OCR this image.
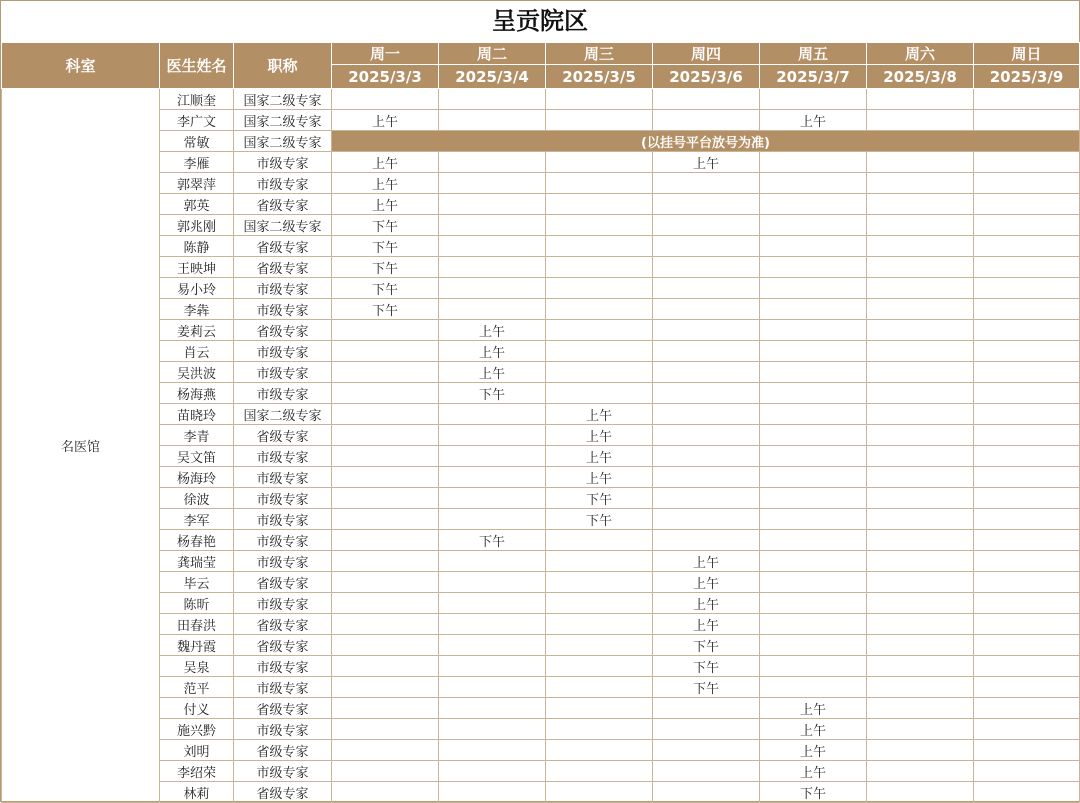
呈贡院区
科室	医生姓名	职称	周一	周二	周三	周四	周五	周六	周日
			2025/3/3	2025/3/4	2025/3/5	2025/3/6	2025/3/7	2025/3/8	2025/3/9
名医馆	江顺奎	国家二级专家							
	李广文	国家二级专家	上午				上午		
	常敏	国家二级专家	(以挂号平台放号为准)						
	李雁	市级专家	上午			上午			
	郭翠萍	市级专家	上午						
	郭英	省级专家	上午						
	郭兆刚	国家二级专家	下午						
	陈静	省级专家	下午						
	王映坤	省级专家	下午						
	易小玲	市级专家	下午						
	李犇	市级专家	下午						
	姜莉云	省级专家		上午					
	肖云	市级专家		上午					
	吴洪波	市级专家		上午					
	杨海燕	市级专家		下午					
	苗晓玲	国家二级专家			上午				
	李青	省级专家			上午				
	吴文笛	市级专家			上午				
	杨海玲	市级专家			上午				
	徐波	市级专家			下午				
	李军	市级专家			下午				
	杨春艳	市级专家		下午					
	龚瑞莹	市级专家				上午			
	毕云	省级专家				上午			
	陈昕	市级专家				上午			
	田春洪	省级专家				上午			
	魏丹霞	省级专家				下午			
	吴泉	市级专家				下午			
	范平	市级专家				下午			
	付义	省级专家					上午		
	施兴黔	市级专家					上午		
	刘明	省级专家					上午		
	李绍荣	市级专家					上午		
	林莉	省级专家					下午		
